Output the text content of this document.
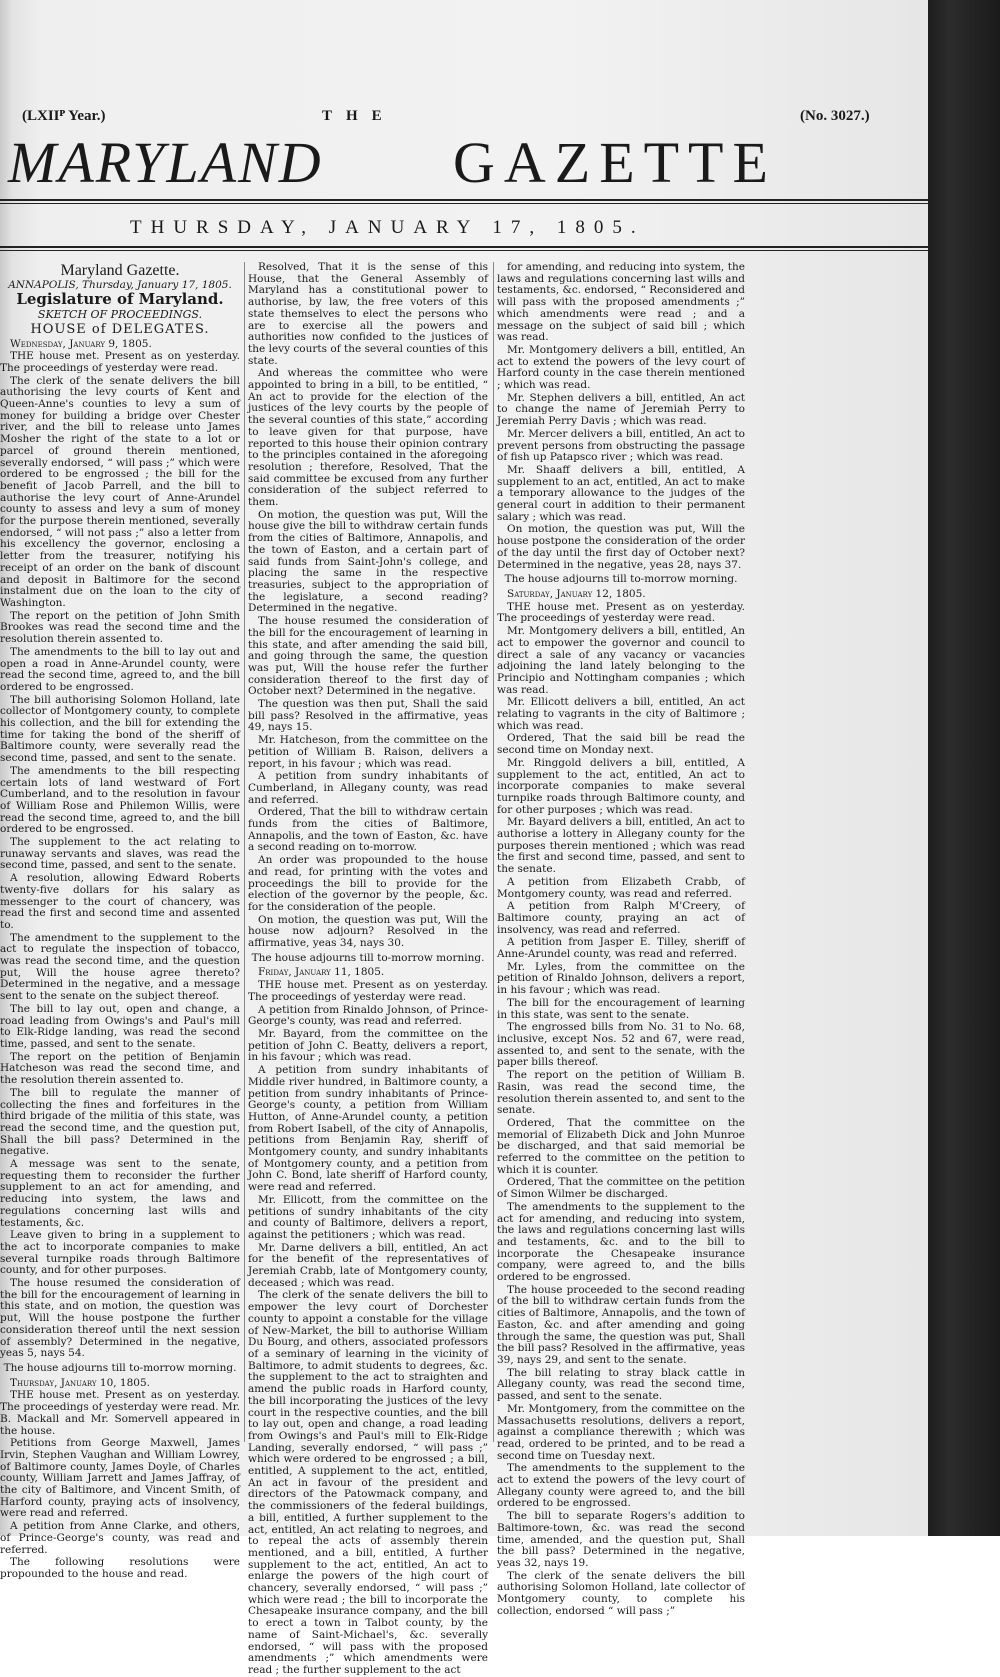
(LXIIᴾ Year.)	THE	(No. 3027.)
MARYLAND GAZETTE
THURSDAY, JANUARY 17, 1805.

Maryland Gazette.

ANNAPOLIS, Thursday, January 17, 1805.

Legislature of Maryland.

SKETCH OF PROCEEDINGS.

HOUSE of DELEGATES.

Wednesday, January 9, 1805.

THE house met. Present as on yesterday. The proceedings of yesterday were read.

The clerk of the senate delivers the bill authorising the levy courts of Kent and Queen-Anne's counties to levy a sum of money for building a bridge over Chester river, and the bill to release unto James Mosher the right of the state to a lot or parcel of ground therein mentioned, severally endorsed, “ will pass ;” which were ordered to be engrossed ; the bill for the benefit of Jacob Parrell, and the bill to authorise the levy court of Anne-Arundel county to assess and levy a sum of money for the purpose therein mentioned, severally endorsed, “ will not pass ;” also a letter from his excellency the governor, enclosing a letter from the treasurer, notifying his receipt of an order on the bank of discount and deposit in Baltimore for the second instalment due on the loan to the city of Washington.

The report on the petition of John Smith Brookes was read the second time and the resolution therein assented to.

The amendments to the bill to lay out and open a road in Anne-Arundel county, were read the second time, agreed to, and the bill ordered to be engrossed.

The bill authorising Solomon Holland, late collector of Montgomery county, to complete his collection, and the bill for extending the time for taking the bond of the sheriff of Baltimore county, were severally read the second time, passed, and sent to the senate.

The amendments to the bill respecting certain lots of land westward of Fort Cumberland, and to the resolution in favour of William Rose and Philemon Willis, were read the second time, agreed to, and the bill ordered to be engrossed.

The supplement to the act relating to runaway servants and slaves, was read the second time, passed, and sent to the senate.

A resolution, allowing Edward Roberts twenty-five dollars for his salary as messenger to the court of chancery, was read the first and second time and assented to.

The amendment to the supplement to the act to regulate the inspection of tobacco, was read the second time, and the question put, Will the house agree thereto? Determined in the negative, and a message sent to the senate on the subject thereof.

The bill to lay out, open and change, a road leading from Owings's and Paul's mill to Elk-Ridge landing, was read the second time, passed, and sent to the senate.

The report on the petition of Benjamin Hatcheson was read the second time, and the resolution therein assented to.

The bill to regulate the manner of collecting the fines and forfeitures in the third brigade of the militia of this state, was read the second time, and the question put, Shall the bill pass? Determined in the negative.

A message was sent to the senate, requesting them to reconsider the further supplement to an act for amending, and reducing into system, the laws and regulations concerning last wills and testaments, &c.

Leave given to bring in a supplement to the act to incorporate companies to make several turnpike roads through Baltimore county, and for other purposes.

The house resumed the consideration of the bill for the encouragement of learning in this state, and on motion, the question was put, Will the house postpone the further consideration thereof until the next session of assembly? Determined in the negative, yeas 5, nays 54.

The house adjourns till to-morrow morning.

Thursday, January 10, 1805.

THE house met. Present as on yesterday. The proceedings of yesterday were read. Mr. B. Mackall and Mr. Somervell appeared in the house.

Petitions from George Maxwell, James Irvin, Stephen Vaughan and William Lowrey, of Baltimore county, James Doyle, of Charles county, William Jarrett and James Jaffray, of the city of Baltimore, and Vincent Smith, of Harford county, praying acts of insolvency, were read and referred.

A petition from Anne Clarke, and others, of Prince-George's county, was read and referred.

The following resolutions were propounded to the house and read.

Resolved, That it is the sense of this House, that the General Assembly of Maryland has a constitutional power to authorise, by law, the free voters of this state themselves to elect the persons who are to exercise all the powers and authorities now confided to the justices of the levy courts of the several counties of this state.

And whereas the committee who were appointed to bring in a bill, to be entitled, “ An act to provide for the election of the justices of the levy courts by the people of the several counties of this state,” according to leave given for that purpose, have reported to this house their opinion contrary to the principles contained in the aforegoing resolution ; therefore, Resolved, That the said committee be excused from any further consideration of the subject referred to them.

On motion, the question was put, Will the house give the bill to withdraw certain funds from the cities of Baltimore, Annapolis, and the town of Easton, and a certain part of said funds from Saint-John's college, and placing the same in the respective treasuries, subject to the appropriation of the legislature, a second reading? Determined in the negative.

The house resumed the consideration of the bill for the encouragement of learning in this state, and after amending the said bill, and going through the same, the question was put, Will the house refer the further consideration thereof to the first day of October next? Determined in the negative.

The question was then put, Shall the said bill pass? Resolved in the affirmative, yeas 49, nays 15.

Mr. Hatcheson, from the committee on the petition of William B. Raison, delivers a report, in his favour ; which was read.

A petition from sundry inhabitants of Cumberland, in Allegany county, was read and referred.

Ordered, That the bill to withdraw certain funds from the cities of Baltimore, Annapolis, and the town of Easton, &c. have a second reading on to-morrow.

An order was propounded to the house and read, for printing with the votes and proceedings the bill to provide for the election of the governor by the people, &c. for the consideration of the people.

On motion, the question was put, Will the house now adjourn? Resolved in the affirmative, yeas 34, nays 30.

The house adjourns till to-morrow morning.

Friday, January 11, 1805.

THE house met. Present as on yesterday. The proceedings of yesterday were read.

A petition from Rinaldo Johnson, of Prince-George's county, was read and referred.

Mr. Bayard, from the committee on the petition of John C. Beatty, delivers a report, in his favour ; which was read.

A petition from sundry inhabitants of Middle river hundred, in Baltimore county, a petition from sundry inhabitants of Prince-George's county, a petition from William Hutton, of Anne-Arundel county, a petition from Robert Isabell, of the city of Annapolis, petitions from Benjamin Ray, sheriff of Montgomery county, and sundry inhabitants of Montgomery county, and a petition from John C. Bond, late sheriff of Harford county, were read and referred.

Mr. Ellicott, from the committee on the petitions of sundry inhabitants of the city and county of Baltimore, delivers a report, against the petitioners ; which was read.

Mr. Darne delivers a bill, entitled, An act for the benefit of the representatives of Jeremiah Crabb, late of Montgomery county, deceased ; which was read.

The clerk of the senate delivers the bill to empower the levy court of Dorchester county to appoint a constable for the village of New-Market, the bill to authorise William Du Bourg, and others, associated professors of a seminary of learning in the vicinity of Baltimore, to admit students to degrees, &c. the supplement to the act to straighten and amend the public roads in Harford county, the bill incorporating the justices of the levy court in the respective counties, and the bill to lay out, open and change, a road leading from Owings's and Paul's mill to Elk-Ridge Landing, severally endorsed, “ will pass ;” which were ordered to be engrossed ; a bill, entitled, A supplement to the act, entitled, An act in favour of the president and directors of the Patowmack company, and the commissioners of the federal buildings, a bill, entitled, A further supplement to the act, entitled, An act relating to negroes, and to repeal the acts of assembly therein mentioned, and a bill, entitled, A further supplement to the act, entitled, An act to enlarge the powers of the high court of chancery, severally endorsed, “ will pass ;” which were read ; the bill to incorporate the Chesapeake insurance company, and the bill to erect a town in Talbot county, by the name of Saint-Michael's, &c. severally endorsed, “ will pass with the proposed amendments ;” which amendments were read ; the further supplement to the act

for amending, and reducing into system, the laws and regulations concerning last wills and testaments, &c. endorsed, “ Reconsidered and will pass with the proposed amendments ;” which amendments were read ; and a message on the subject of said bill ; which was read.

Mr. Montgomery delivers a bill, entitled, An act to extend the powers of the levy court of Harford county in the case therein mentioned ; which was read.

Mr. Stephen delivers a bill, entitled, An act to change the name of Jeremiah Perry to Jeremiah Perry Davis ; which was read.

Mr. Mercer delivers a bill, entitled, An act to prevent persons from obstructing the passage of fish up Patapsco river ; which was read.

Mr. Shaaff delivers a bill, entitled, A supplement to an act, entitled, An act to make a temporary allowance to the judges of the general court in addition to their permanent salary ; which was read.

On motion, the question was put, Will the house postpone the consideration of the order of the day until the first day of October next? Determined in the negative, yeas 28, nays 37.

The house adjourns till to-morrow morning.

Saturday, January 12, 1805.

THE house met. Present as on yesterday. The proceedings of yesterday were read.

Mr. Montgomery delivers a bill, entitled, An act to empower the governor and council to direct a sale of any vacancy or vacancies adjoining the land lately belonging to the Principio and Nottingham companies ; which was read.

Mr. Ellicott delivers a bill, entitled, An act relating to vagrants in the city of Baltimore ; which was read.

Ordered, That the said bill be read the second time on Monday next.

Mr. Ringgold delivers a bill, entitled, A supplement to the act, entitled, An act to incorporate companies to make several turnpike roads through Baltimore county, and for other purposes ; which was read.

Mr. Bayard delivers a bill, entitled, An act to authorise a lottery in Allegany county for the purposes therein mentioned ; which was read the first and second time, passed, and sent to the senate.

A petition from Elizabeth Crabb, of Montgomery county, was read and referred.

A petition from Ralph M'Creery, of Baltimore county, praying an act of insolvency, was read and referred.

A petition from Jasper E. Tilley, sheriff of Anne-Arundel county, was read and referred.

Mr. Lyles, from the committee on the petition of Rinaldo Johnson, delivers a report, in his favour ; which was read.

The bill for the encouragement of learning in this state, was sent to the senate.

The engrossed bills from No. 31 to No. 68, inclusive, except Nos. 52 and 67, were read, assented to, and sent to the senate, with the paper bills thereof.

The report on the petition of William B. Rasin, was read the second time, the resolution therein assented to, and sent to the senate.

Ordered, That the committee on the memorial of Elizabeth Dick and John Munroe be discharged, and that said memorial be referred to the committee on the petition to which it is counter.

Ordered, That the committee on the petition of Simon Wilmer be discharged.

The amendments to the supplement to the act for amending, and reducing into system, the laws and regulations concerning last wills and testaments, &c. and to the bill to incorporate the Chesapeake insurance company, were agreed to, and the bills ordered to be engrossed.

The house proceeded to the second reading of the bill to withdraw certain funds from the cities of Baltimore, Annapolis, and the town of Easton, &c. and after amending and going through the same, the question was put, Shall the bill pass? Resolved in the affirmative, yeas 39, nays 29, and sent to the senate.

The bill relating to stray black cattle in Allegany county, was read the second time, passed, and sent to the senate.

Mr. Montgomery, from the committee on the Massachusetts resolutions, delivers a report, against a compliance therewith ; which was read, ordered to be printed, and to be read a second time on Tuesday next.

The amendments to the supplement to the act to extend the powers of the levy court of Allegany county were agreed to, and the bill ordered to be engrossed.

The bill to separate Rogers's addition to Baltimore-town, &c. was read the second time, amended, and the question put, Shall the bill pass? Determined in the negative, yeas 32, nays 19.

The clerk of the senate delivers the bill authorising Solomon Holland, late collector of Montgomery county, to complete his collection, endorsed “ will pass ;”
